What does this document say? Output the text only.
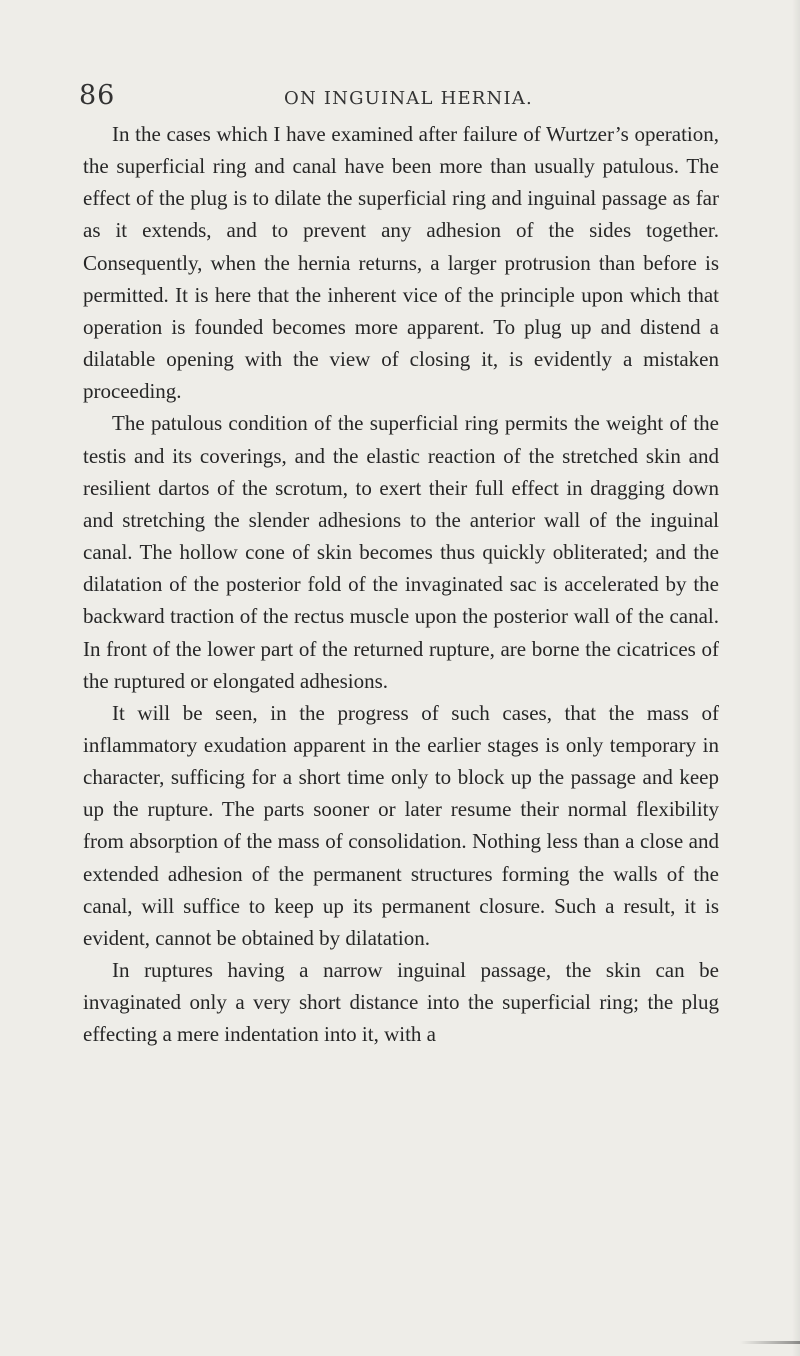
86	ON INGUINAL HERNIA.

In the cases which I have examined after failure of Wurtzer’s operation, the superficial ring and canal have been more than usually patulous. The effect of the plug is to dilate the superficial ring and inguinal passage as far as it extends, and to prevent any adhesion of the sides together. Consequently, when the hernia returns, a larger protrusion than before is permitted. It is here that the inherent vice of the principle upon which that operation is founded becomes more apparent. To plug up and distend a dilatable opening with the view of closing it, is evidently a mistaken proceeding.

The patulous condition of the superficial ring permits the weight of the testis and its coverings, and the elastic reaction of the stretched skin and resilient dartos of the scrotum, to exert their full effect in dragging down and stretching the slender adhesions to the anterior wall of the inguinal canal. The hollow cone of skin becomes thus quickly obliterated; and the dilatation of the posterior fold of the invaginated sac is accelerated by the backward traction of the rectus muscle upon the posterior wall of the canal. In front of the lower part of the returned rupture, are borne the cicatrices of the ruptured or elongated adhesions.

It will be seen, in the progress of such cases, that the mass of inflammatory exudation apparent in the earlier stages is only temporary in character, sufficing for a short time only to block up the passage and keep up the rupture. The parts sooner or later resume their normal flexibility from absorption of the mass of consolidation. Nothing less than a close and extended adhesion of the permanent structures forming the walls of the canal, will suffice to keep up its permanent closure. Such a result, it is evident, cannot be obtained by dilatation.

In ruptures having a narrow inguinal passage, the skin can be invaginated only a very short distance into the superficial ring; the plug effecting a mere indentation into it, with a
